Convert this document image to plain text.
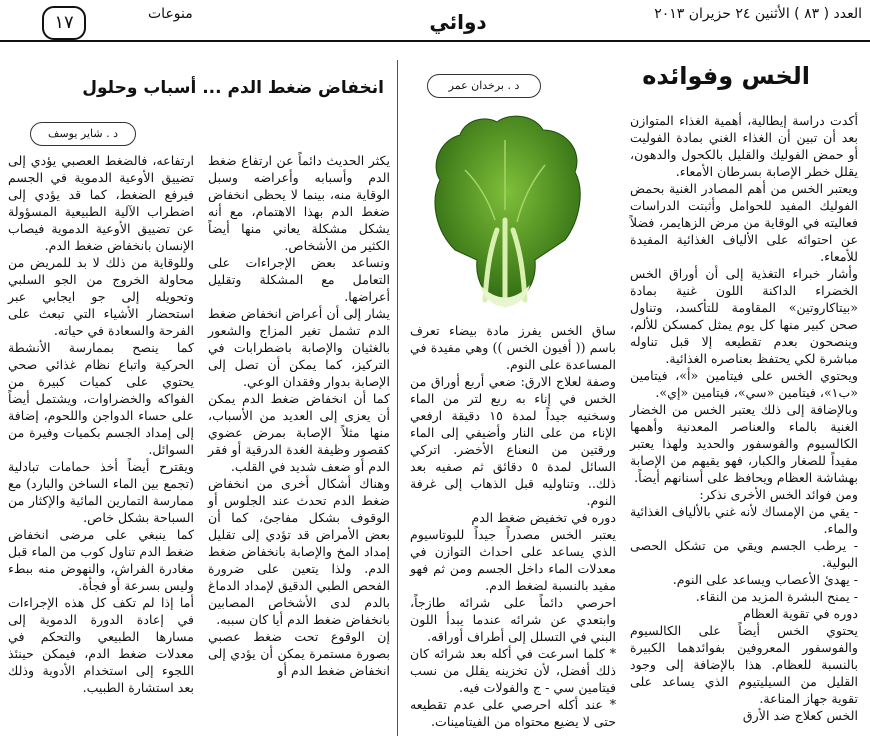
العدد ( ٨٣ ) الأثنين ٢٤ حزيران ٢٠١٣
دوائي
منوعات
١٧
الخس وفوائده
د . برخدان عمر

أكدت دراسة إيطالية، أهمية الغذاء المتوازن بعد أن تبين أن الغذاء الغني بمادة الفوليت أو حمض الفوليك والقليل بالكحول والدهون، يقلل خطر الإصابة بسرطان الأمعاء.

ويعتبر الخس من أهم المصادر الغنية بحمض الفوليك المفيد للحوامل وأثبتت الدراسات فعاليته في الوقاية من مرض الزهايمر، فضلاً عن احتوائه على الألياف الغذائية المفيدة للأمعاء.

وأشار خبراء التغذية إلى أن أوراق الخس الخضراء الداكنة اللون غنية بمادة «بيتاكاروتين» المقاومة للتأكسد، وتناول صحن كبير منها كل يوم يمثل كمسكن للألم، وينصحون بعدم تقطيعه إلا قبل تناوله مباشرة لكي يحتفظ بعناصره الغذائية.

ويحتوي الخس على فيتامين «أ»، فيتامين «ب١»، فيتامين «سي»، فيتامين «إي».

وبالإضافة إلى ذلك يعتبر الخس من الخضار الغنية بالماء والعناصر المعدنية وأهمها الكالسيوم والفوسفور والحديد ولهذا يعتبر مفيداً للصغار والكبار، فهو يقيهم من الإصابة بهشاشة العظام ويحافظ على أسنانهم أيضاً.

ومن فوائد الخس الأخرى نذكر:

- يقي من الإمساك لأنه غني بالألياف الغذائية والماء.

- يرطب الجسم ويقي من تشكل الحصى البولية.

- يهدئ الأعصاب ويساعد على النوم.

- يمنح البشرة المزيد من النقاء.

دوره في تقوية العظام

يحتوي الخس أيضاً على الكالسيوم والفوسفور المعروفين بفوائدهما الكبيرة بالنسبة للعظام. هذا بالإضافة إلى وجود القليل من السيليتيوم الذي يساعد على تقوية جهاز المناعة.

الخس كعلاج ضد الأرق

ساق الخس يفرز مادة بيضاء تعرف باسم (( أفيون الخس )) وهي مفيدة في المساعدة على النوم.

وصفة لعلاج الارق: ضعي أربع أوراق من الخس في إناء به ربع لتر من الماء وسخنيه جيداً لمدة ١٥ دقيقة ارفعي الإناء من على النار وأضيفي إلى الماء ورقتين من النعناع الأخضر. اتركي السائل لمدة ٥ دقائق ثم صفيه بعد ذلك.. وتناوليه قبل الذهاب إلى غرفة النوم.

دوره في تخفيض ضغط الدم

يعتبر الخس مصدراً جيداً للبوتاسيوم الذي يساعد على احداث التوازن في معدلات الماء داخل الجسم ومن ثم فهو مفيد بالنسبة لضغط الدم.

احرصي دائماً على شرائه طازجاً، وابتعدي عن شرائه عندما يبدأ اللون البني في التسلل إلى أطراف أوراقه.

* كلما اسرعت في أكله بعد شرائه كان ذلك أفضل، لأن تخزينه يقلل من نسب فيتامين سي - ج والفولات فيه.

* عند أكله احرصي على عدم تقطيعه حتى لا يضيع محتواه من الفيتامينات.

انخفاض ضغط الدم ... أسباب وحلول
د . شاير يوسف

يكثر الحديث دائماً عن ارتفاع ضغط الدم وأسبابه وأعراضه وسبل الوقاية منه، بينما لا يحظى انخفاض ضغط الدم بهذا الاهتمام، مع أنه يشكل مشكلة يعاني منها أيضاً الكثير من الأشخاص.

ونساعد بعض الإجراءات على التعامل مع المشكلة وتقليل أعراضها.

يشار إلى أن أعراض انخفاض ضغط الدم تشمل تغير المزاج والشعور بالغثيان والإصابة باضطرابات في التركيز، كما يمكن أن تصل إلى الإصابة بدوار وفقدان الوعي.

كما أن انخفاض ضغط الدم يمكن أن يعزى إلى العديد من الأسباب، منها مثلاً الإصابة بمرض عضوي كقصور وظيفة الغدة الدرقية أو فقر الدم أو ضعف شديد في القلب.

وهناك أشكال أخرى من انخفاض ضغط الدم تحدث عند الجلوس أو الوقوف بشكل مفاجئ، كما أن بعض الأمراض قد تؤدي إلى تقليل إمداد المخ والإصابة بانخفاض ضغط الدم. ولذا يتعين على ضرورة الفحص الطبي الدقيق لإمداد الدماغ بالدم لدى الأشخاص المصابين بانخفاض ضغط الدم أيا كان سببه.

إن الوقوع تحت ضغط عصبي بصورة مستمرة يمكن أن يؤدي إلى انخفاض ضغط الدم أو

ارتفاعه، فالضغط العصبي يؤدي إلى تضييق الأوعية الدموية في الجسم فيرفع الضغط، كما قد يؤدي إلى اضطراب الآلية الطبيعية المسؤولة عن تضييق الأوعية الدموية فيصاب الإنسان بانخفاض ضغط الدم.

وللوقاية من ذلك لا بد للمريض من محاولة الخروج من الجو السلبي وتحويله إلى جو ايجابي عبر استحضار الأشياء التي تبعث على الفرحة والسعادة في حياته.

كما ينصح بممارسة الأنشطة الحركية واتباع نظام غذائي صحي يحتوي على كميات كبيرة من الفواكه والخضراوات، ويشتمل أيضاً على حساء الدواجن واللحوم، إضافة إلى إمداد الجسم بكميات وفيرة من السوائل.

ويقترح أيضاً أخذ حمامات تبادلية (تجمع بين الماء الساخن والبارد) مع ممارسة التمارين المائية والإكثار من السباحة بشكل خاص.

كما ينبغي على مرضى انخفاض ضغط الدم تناول كوب من الماء قبل مغادرة الفراش، والنهوض منه ببطء وليس بسرعة أو فجأة.

أما إذا لم تكف كل هذه الإجراءات في إعادة الدورة الدموية إلى مسارها الطبيعي والتحكم في معدلات ضغط الدم، فيمكن حينئذ اللجوء إلى استخدام الأدوية وذلك بعد استشارة الطبيب.
